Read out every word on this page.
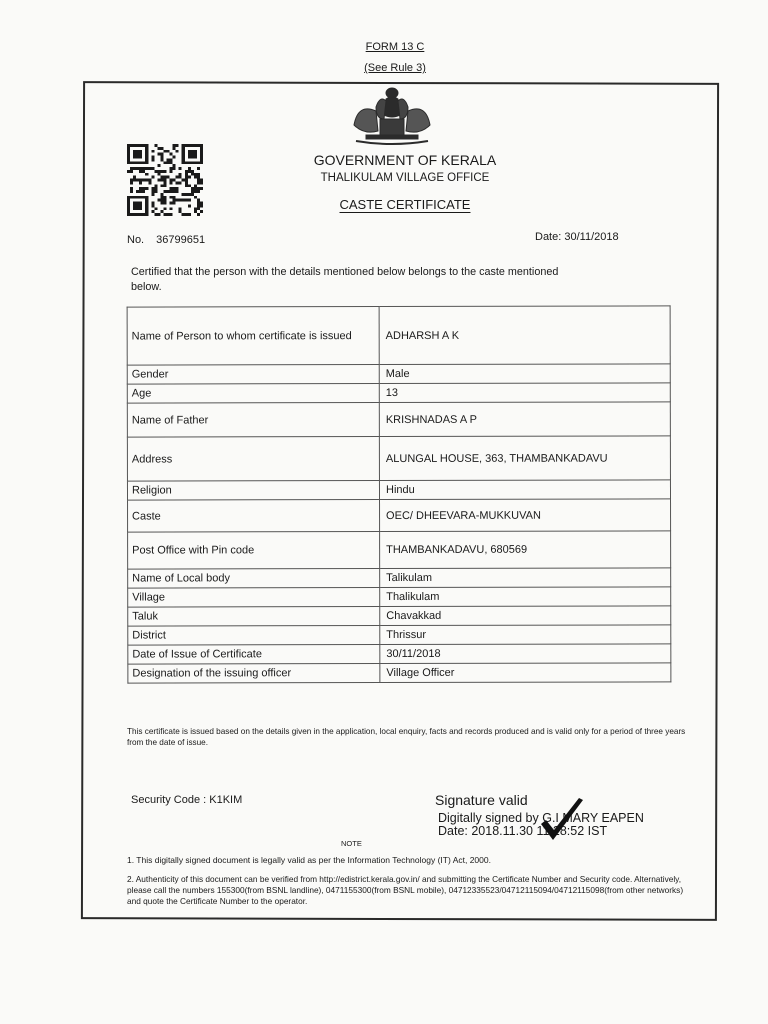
FORM 13 C
(See Rule 3)
GOVERNMENT OF KERALA
THALIKULAM VILLAGE OFFICE
CASTE CERTIFICATE
No. 36799651	Date: 30/11/2018
Certified that the person with the details mentioned below belongs to the caste mentioned below.
Name of Person to whom certificate is issued	ADHARSH A K
Gender	Male
Age	13
Name of Father	KRISHNADAS A P
Address	ALUNGAL HOUSE, 363, THAMBANKADAVU
Religion	Hindu
Caste	OEC/ DHEEVARA-MUKKUVAN
Post Office with Pin code	THAMBANKADAVU, 680569
Name of Local body	Talikulam
Village	Thalikulam
Taluk	Chavakkad
District	Thrissur
Date of Issue of Certificate	30/11/2018
Designation of the issuing officer	Village Officer
This certificate is issued based on the details given in the application, local enquiry, facts and records produced and is valid only for a period of three years from the date of issue.
Security Code : K1KIM	Signature valid
Digitally signed by G.I MARY EAPEN
Date: 2018.11.30 11:28:52 IST
NOTE
1. This digitally signed document is legally valid as per the Information Technology (IT) Act, 2000.
2. Authenticity of this document can be verified from http://edistrict.kerala.gov.in/ and submitting the Certificate Number and Security code. Alternatively, please call the numbers 155300(from BSNL landline), 0471155300(from BSNL mobile), 04712335523/04712115094/04712115098(from other networks) and quote the Certificate Number to the operator.
